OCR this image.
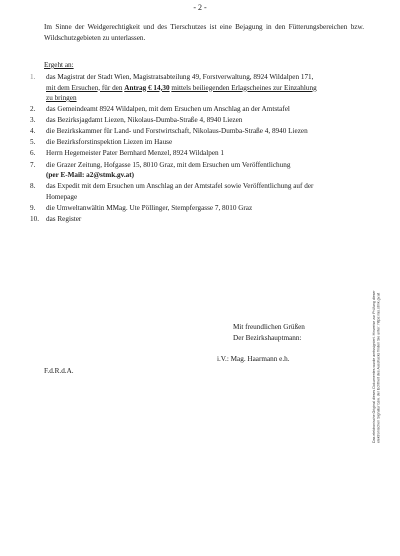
- 2 -
Im Sinne der Weidgerechtigkeit und des Tierschutzes ist eine Bejagung in den Fütterungsbereichen bzw. Wildschutzgebieten zu unterlassen.
Ergeht an:
1.	das Magistrat der Stadt Wien, Magistratsabteilung 49, Forstverwaltung, 8924 Wildalpen 171,
mit dem Ersuchen, für den Antrag € 14,30 mittels beiliegenden Erlagscheines zur Einzahlung
zu bringen
2.	das Gemeindeamt 8924 Wildalpen, mit dem Ersuchen um Anschlag an der Amtstafel
3.	das Bezirksjagdamt Liezen, Nikolaus-Dumba-Straße 4, 8940 Liezen
4.	die Bezirkskammer für Land- und Forstwirtschaft, Nikolaus-Dumba-Straße 4, 8940 Liezen
5.	die Bezirksforstinspektion Liezen im Hause
6.	Herrn Hegemeister Pater Bernhard Menzel, 8924 Wildalpen 1
7.	die Grazer Zeitung, Hofgasse 15, 8010 Graz, mit dem Ersuchen um Veröffentlichung
(per E-Mail: a2@stmk.gv.at)
8.	das Expedit mit dem Ersuchen um Anschlag an der Amtstafel sowie Veröffentlichung auf der
Homepage
9.	die Umweltanwältin MMag. Ute Pöllinger, Stempfergasse 7, 8010 Graz
10. das Register
Mit freundlichen Grüßen
Der Bezirkshauptmann:
i.V.: Mag. Haarmann e.h.
F.d.R.d.A.	Das elektronische Original dieses Dokumentes wurde amtssigniert. Hinweise zur Prüfung dieser elektronischen Signatur bzw. der Echtheit des Ausdrucks finden Sie unter: https://as.stmk.gv.at
